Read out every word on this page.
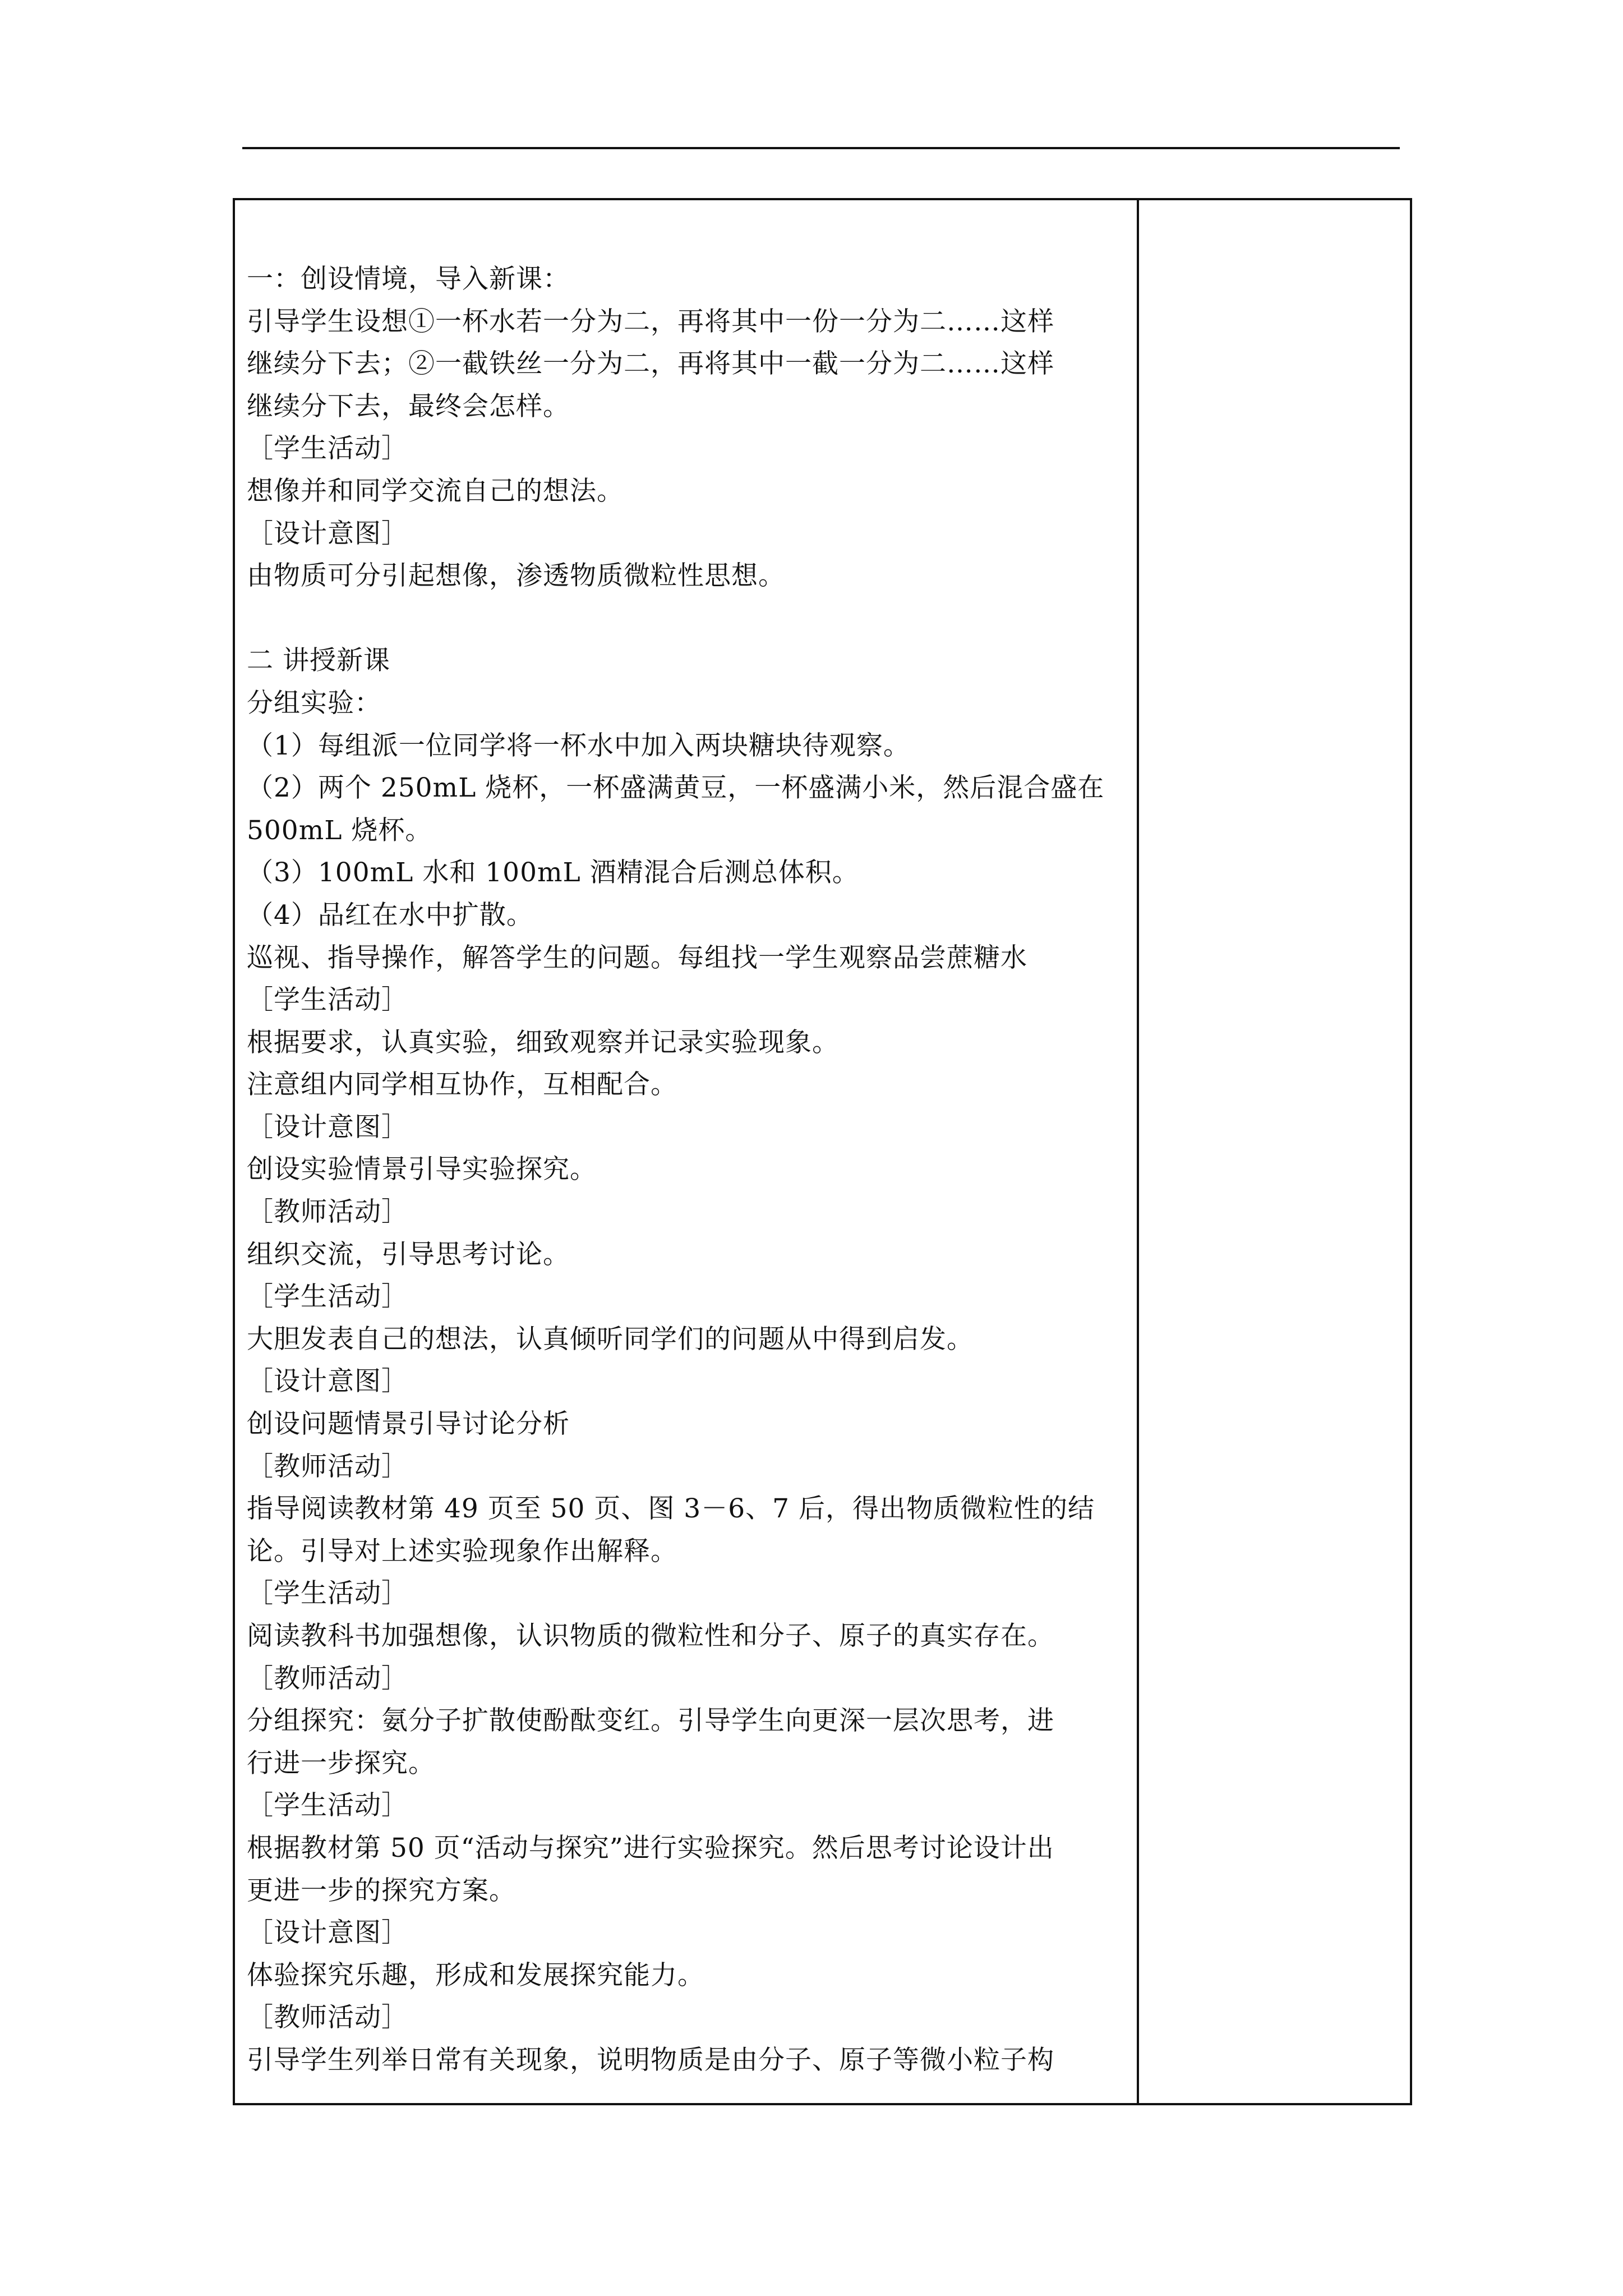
一：创设情境，导入新课：
引导学生设想①一杯水若一分为二，再将其中一份一分为二……这样
继续分下去；②一截铁丝一分为二，再将其中一截一分为二……这样
继续分下去，最终会怎样。
［学生活动］
想像并和同学交流自己的想法。
［设计意图］
由物质可分引起想像，渗透物质微粒性思想。
二 讲授新课
分组实验：
（1）每组派一位同学将一杯水中加入两块糖块待观察。
（2）两个 250mL 烧杯，一杯盛满黄豆，一杯盛满小米，然后混合盛在
500mL 烧杯。
（3）100mL 水和 100mL 酒精混合后测总体积。
（4）品红在水中扩散。
巡视、指导操作，解答学生的问题。每组找一学生观察品尝蔗糖水
［学生活动］
根据要求，认真实验，细致观察并记录实验现象。
注意组内同学相互协作，互相配合。
［设计意图］
创设实验情景引导实验探究。
［教师活动］
组织交流，引导思考讨论。
［学生活动］
大胆发表自己的想法，认真倾听同学们的问题从中得到启发。
［设计意图］
创设问题情景引导讨论分析
［教师活动］
指导阅读教材第 49 页至 50 页、图 3－6、7 后，得出物质微粒性的结
论。引导对上述实验现象作出解释。
［学生活动］
阅读教科书加强想像，认识物质的微粒性和分子、原子的真实存在。
［教师活动］
分组探究：氨分子扩散使酚酞变红。引导学生向更深一层次思考，进
行进一步探究。
［学生活动］
根据教材第 50 页“活动与探究”进行实验探究。然后思考讨论设计出
更进一步的探究方案。
［设计意图］
体验探究乐趣，形成和发展探究能力。
［教师活动］
引导学生列举日常有关现象，说明物质是由分子、原子等微小粒子构
